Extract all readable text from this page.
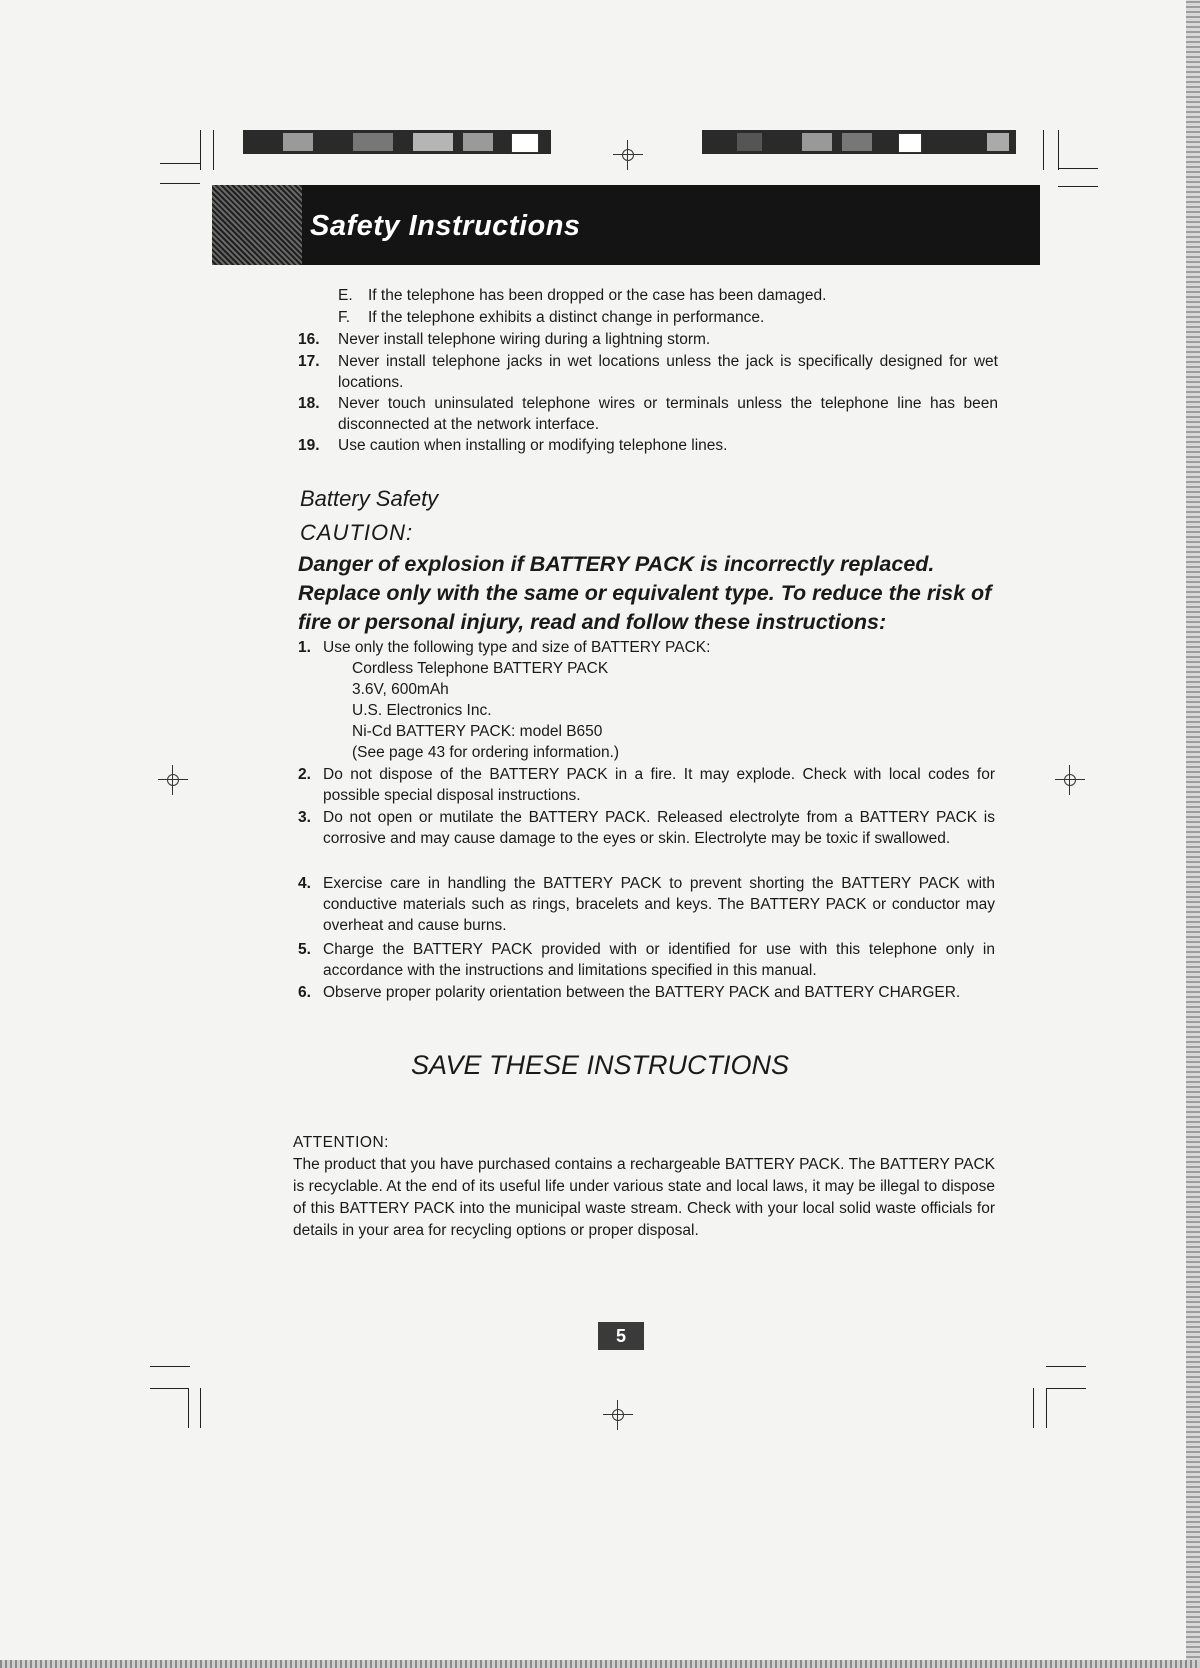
Safety Instructions
E. If the telephone has been dropped or the case has been damaged.
F. If the telephone exhibits a distinct change in performance.
16. Never install telephone wiring during a lightning storm.
17. Never install telephone jacks in wet locations unless the jack is specifically designed for wet locations.
18. Never touch uninsulated telephone wires or terminals unless the telephone line has been disconnected at the network interface.
19. Use caution when installing or modifying telephone lines.
Battery Safety
CAUTION:
Danger of explosion if BATTERY PACK is incorrectly replaced. Replace only with the same or equivalent type. To reduce the risk of fire or personal injury, read and follow these instructions:
1. Use only the following type and size of BATTERY PACK:
Cordless Telephone BATTERY PACK
3.6V, 600mAh
U.S. Electronics Inc.
Ni-Cd BATTERY PACK: model B650
(See page 43 for ordering information.)
2. Do not dispose of the BATTERY PACK in a fire. It may explode. Check with local codes for possible special disposal instructions.
3. Do not open or mutilate the BATTERY PACK. Released electrolyte from a BATTERY PACK is corrosive and may cause damage to the eyes or skin. Electrolyte may be toxic if swallowed.
4. Exercise care in handling the BATTERY PACK to prevent shorting the BATTERY PACK with conductive materials such as rings, bracelets and keys. The BATTERY PACK or conductor may overheat and cause burns.
5. Charge the BATTERY PACK provided with or identified for use with this telephone only in accordance with the instructions and limitations specified in this manual.
6. Observe proper polarity orientation between the BATTERY PACK and BATTERY CHARGER.
SAVE THESE INSTRUCTIONS
ATTENTION:
The product that you have purchased contains a rechargeable BATTERY PACK. The BATTERY PACK is recyclable. At the end of its useful life under various state and local laws, it may be illegal to dispose of this BATTERY PACK into the municipal waste stream. Check with your local solid waste officials for details in your area for recycling options or proper disposal.
5
